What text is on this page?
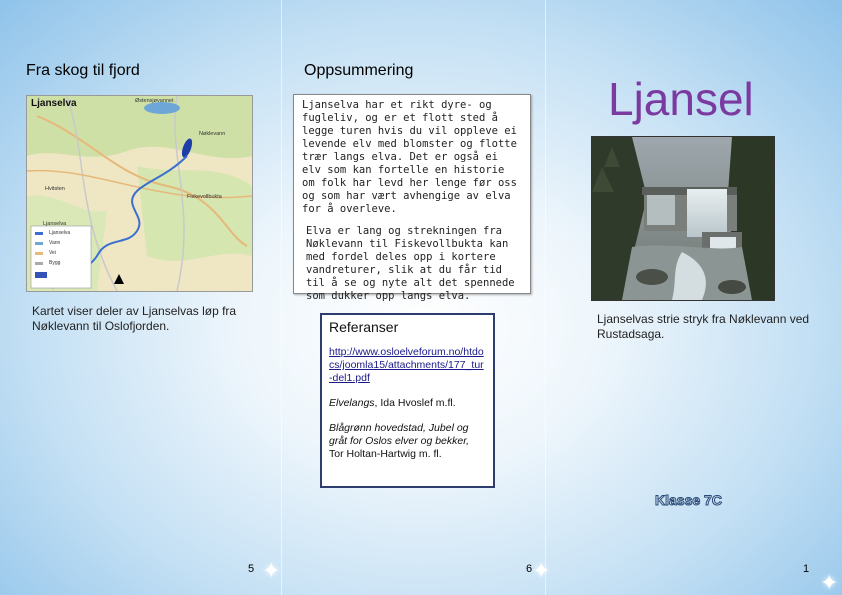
✦	✦	✦
Fra skog til fjord
Ljanselva	Østensjøvannet
Nøklevann
Hvitsten
Fiskevollbukta
Ljanselva
Ljanselva
Vann
Vei
Bygg
Kartet viser deler av Ljanselvas løp fra Nøklevann til Oslofjorden.
5
Oppsummering

Ljanselva har et rikt dyre- og fugleliv, og er et flott sted å legge turen hvis du vil oppleve ei levende elv med blomster og flotte trær langs elva. Det er også ei elv som kan fortelle en historie om folk har levd her lenge før oss og som har vært avhengige av elva for å overleve.

Elva er lang og strekningen fra Nøklevann til Fiskevollbukta kan med fordel deles opp i kortere vandreturer, slik at du får tid til å se og nyte alt det spennede som dukker opp langs elva.

Referanser
http://www.osloelveforum.no/htdocs/joomla15/attachments/177_tur-del1.pdf
Elvelangs, Ida Hvoslef m.fl.
Blågrønn hovedstad, Jubel og gråt for Oslos elver og bekker,
Tor Holtan-Hartwig m. fl.
6
Ljansel
Ljanselvas strie stryk fra Nøklevann ved Rustadsaga.
Klasse 7C
1
